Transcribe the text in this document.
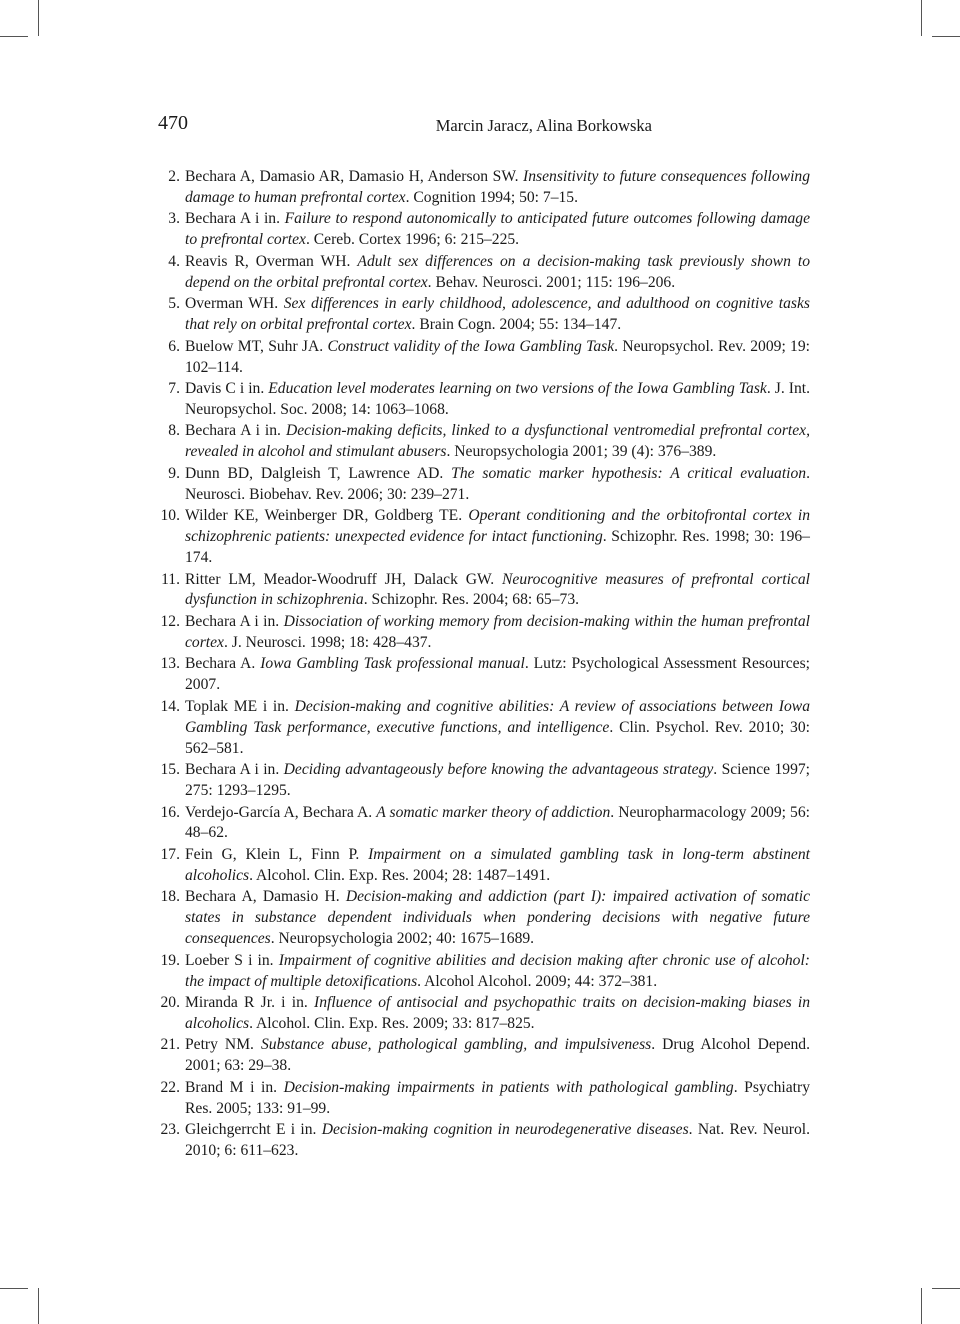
470	Marcin Jaracz, Alina Borkowska
2. Bechara A, Damasio AR, Damasio H, Anderson SW. Insensitivity to future consequences following damage to human prefrontal cortex. Cognition 1994; 50: 7–15.
3. Bechara A i in. Failure to respond autonomically to anticipated future outcomes following damage to prefrontal cortex. Cereb. Cortex 1996; 6: 215–225.
4. Reavis R, Overman WH. Adult sex differences on a decision-making task previously shown to depend on the orbital prefrontal cortex. Behav. Neurosci. 2001; 115: 196–206.
5. Overman WH. Sex differences in early childhood, adolescence, and adulthood on cognitive tasks that rely on orbital prefrontal cortex. Brain Cogn. 2004; 55: 134–147.
6. Buelow MT, Suhr JA. Construct validity of the Iowa Gambling Task. Neuropsychol. Rev. 2009; 19: 102–114.
7. Davis C i in. Education level moderates learning on two versions of the Iowa Gambling Task. J. Int. Neuropsychol. Soc. 2008; 14: 1063–1068.
8. Bechara A i in. Decision-making deficits, linked to a dysfunctional ventromedial prefrontal cortex, revealed in alcohol and stimulant abusers. Neuropsychologia 2001; 39 (4): 376–389.
9. Dunn BD, Dalgleish T, Lawrence AD. The somatic marker hypothesis: A critical evaluation. Neurosci. Biobehav. Rev. 2006; 30: 239–271.
10. Wilder KE, Weinberger DR, Goldberg TE. Operant conditioning and the orbitofrontal cortex in schizophrenic patients: unexpected evidence for intact functioning. Schizophr. Res. 1998; 30: 196–174.
11. Ritter LM, Meador-Woodruff JH, Dalack GW. Neurocognitive measures of prefrontal cortical dysfunction in schizophrenia. Schizophr. Res. 2004; 68: 65–73.
12. Bechara A i in. Dissociation of working memory from decision-making within the human prefrontal cortex. J. Neurosci. 1998; 18: 428–437.
13. Bechara A. Iowa Gambling Task professional manual. Lutz: Psychological Assessment Resources; 2007.
14. Toplak ME i in. Decision-making and cognitive abilities: A review of associations between Iowa Gambling Task performance, executive functions, and intelligence. Clin. Psychol. Rev. 2010; 30: 562–581.
15. Bechara A i in. Deciding advantageously before knowing the advantageous strategy. Science 1997; 275: 1293–1295.
16. Verdejo-García A, Bechara A. A somatic marker theory of addiction. Neuropharmacology 2009; 56: 48–62.
17. Fein G, Klein L, Finn P. Impairment on a simulated gambling task in long-term abstinent alcoholics. Alcohol. Clin. Exp. Res. 2004; 28: 1487–1491.
18. Bechara A, Damasio H. Decision-making and addiction (part I): impaired activation of somatic states in substance dependent individuals when pondering decisions with negative future consequences. Neuropsychologia 2002; 40: 1675–1689.
19. Loeber S i in. Impairment of cognitive abilities and decision making after chronic use of alcohol: the impact of multiple detoxifications. Alcohol Alcohol. 2009; 44: 372–381.
20. Miranda R Jr. i in. Influence of antisocial and psychopathic traits on decision-making biases in alcoholics. Alcohol. Clin. Exp. Res. 2009; 33: 817–825.
21. Petry NM. Substance abuse, pathological gambling, and impulsiveness. Drug Alcohol Depend. 2001; 63: 29–38.
22. Brand M i in. Decision-making impairments in patients with pathological gambling. Psychiatry Res. 2005; 133: 91–99.
23. Gleichgerrcht E i in. Decision-making cognition in neurodegenerative diseases. Nat. Rev. Neurol. 2010; 6: 611–623.
